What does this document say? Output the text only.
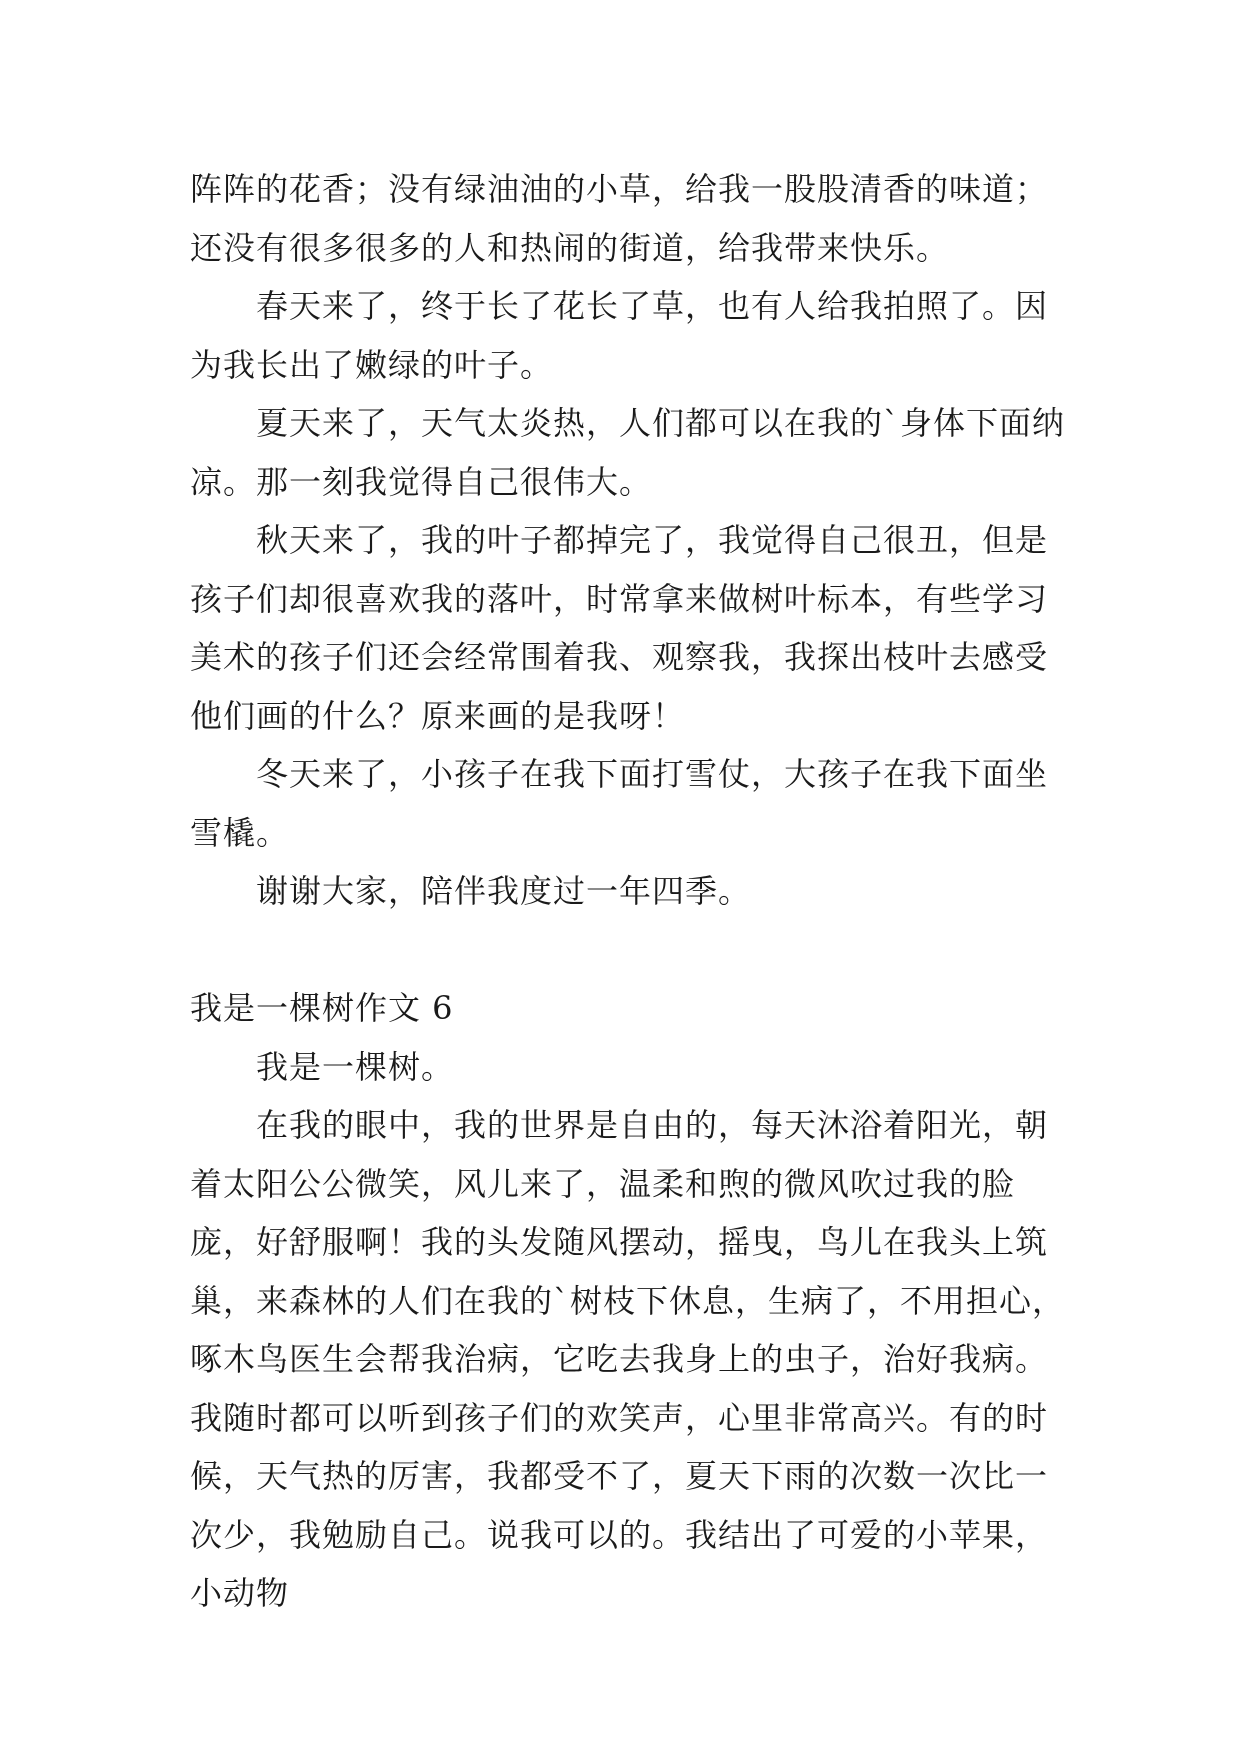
阵阵的花香；没有绿油油的小草，给我一股股清香的味道；还没有很多很多的人和热闹的街道，给我带来快乐。

春天来了，终于长了花长了草，也有人给我拍照了。因为我长出了嫩绿的叶子。

夏天来了，天气太炎热，人们都可以在我的`身体下面纳凉。那一刻我觉得自己很伟大。

秋天来了，我的叶子都掉完了，我觉得自己很丑，但是孩子们却很喜欢我的落叶，时常拿来做树叶标本，有些学习美术的孩子们还会经常围着我、观察我，我探出枝叶去感受他们画的什么？原来画的是我呀！

冬天来了，小孩子在我下面打雪仗，大孩子在我下面坐雪橇。

谢谢大家，陪伴我度过一年四季。

我是一棵树作文 6

我是一棵树。

在我的眼中，我的世界是自由的，每天沐浴着阳光，朝着太阳公公微笑，风儿来了，温柔和煦的微风吹过我的脸庞，好舒服啊！我的头发随风摆动，摇曳，鸟儿在我头上筑巢，来森林的人们在我的`树枝下休息，生病了，不用担心，啄木鸟医生会帮我治病，它吃去我身上的虫子，治好我病。我随时都可以听到孩子们的欢笑声，心里非常高兴。有的时候，天气热的厉害，我都受不了，夏天下雨的次数一次比一次少，我勉励自己。说我可以的。我结出了可爱的小苹果，小动物
